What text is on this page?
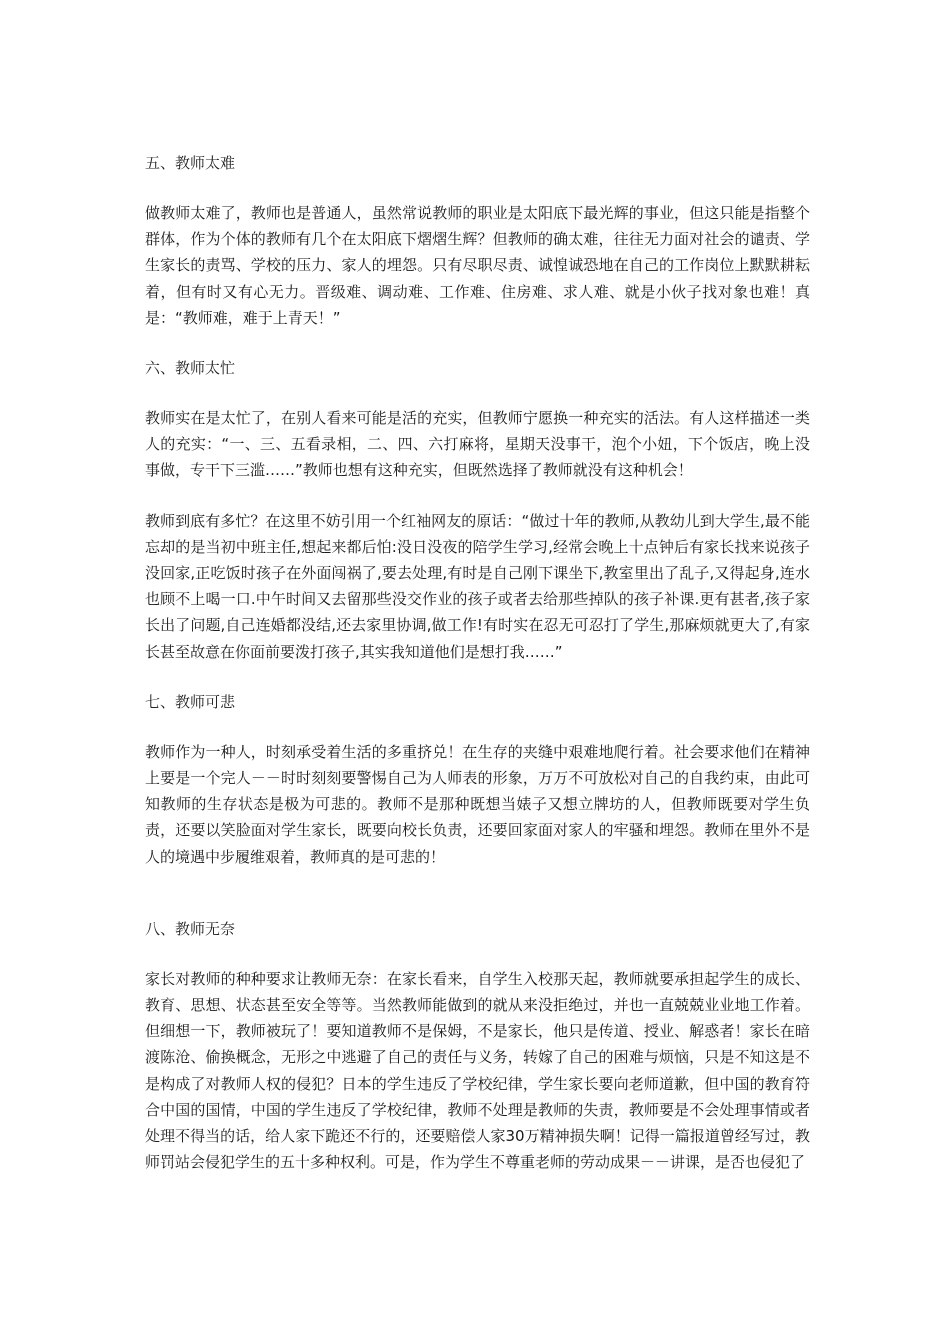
五、教师太难

做教师太难了，教师也是普通人，虽然常说教师的职业是太阳底下最光辉的事业，但这只能是指整个群体，作为个体的教师有几个在太阳底下熠熠生辉？但教师的确太难，往往无力面对社会的谴责、学生家长的责骂、学校的压力、家人的埋怨。只有尽职尽责、诚惶诚恐地在自己的工作岗位上默默耕耘着，但有时又有心无力。晋级难、调动难、工作难、住房难、求人难、就是小伙子找对象也难！真是：“教师难，难于上青天！”

六、教师太忙

教师实在是太忙了，在别人看来可能是活的充实，但教师宁愿换一种充实的活法。有人这样描述一类人的充实：“一、三、五看录相，二、四、六打麻将，星期天没事干，泡个小妞，下个饭店，晚上没事做，专干下三滥……”教师也想有这种充实，但既然选择了教师就没有这种机会！

教师到底有多忙？在这里不妨引用一个红袖网友的原话：“做过十年的教师,从教幼儿到大学生,最不能忘却的是当初中班主任,想起来都后怕:没日没夜的陪学生学习,经常会晚上十点钟后有家长找来说孩子没回家,正吃饭时孩子在外面闯祸了,要去处理,有时是自己刚下课坐下,教室里出了乱子,又得起身,连水也顾不上喝一口.中午时间又去留那些没交作业的孩子或者去给那些掉队的孩子补课.更有甚者,孩子家长出了问题,自己连婚都没结,还去家里协调,做工作!有时实在忍无可忍打了学生,那麻烦就更大了,有家长甚至故意在你面前要泼打孩子,其实我知道他们是想打我……”

七、教师可悲

教师作为一种人，时刻承受着生活的多重挤兑！在生存的夹缝中艰难地爬行着。社会要求他们在精神上要是一个完人－－时时刻刻要警惕自己为人师表的形象，万万不可放松对自己的自我约束，由此可知教师的生存状态是极为可悲的。教师不是那种既想当婊子又想立牌坊的人，但教师既要对学生负责，还要以笑脸面对学生家长，既要向校长负责，还要回家面对家人的牢骚和埋怨。教师在里外不是人的境遇中步履维艰着，教师真的是可悲的！

八、教师无奈

家长对教师的种种要求让教师无奈：在家长看来，自学生入校那天起，教师就要承担起学生的成长、教育、思想、状态甚至安全等等。当然教师能做到的就从来没拒绝过，并也一直兢兢业业地工作着。但细想一下，教师被玩了！要知道教师不是保姆，不是家长，他只是传道、授业、解惑者！家长在暗渡陈沧、偷换概念，无形之中逃避了自己的责任与义务，转嫁了自己的困难与烦恼，只是不知这是不是构成了对教师人权的侵犯？日本的学生违反了学校纪律，学生家长要向老师道歉，但中国的教育符合中国的国情，中国的学生违反了学校纪律，教师不处理是教师的失责，教师要是不会处理事情或者处理不得当的话，给人家下跪还不行的，还要赔偿人家30万精神损失啊！记得一篇报道曾经写过，教师罚站会侵犯学生的五十多种权利。可是，作为学生不尊重老师的劳动成果－－讲课，是否也侵犯了
